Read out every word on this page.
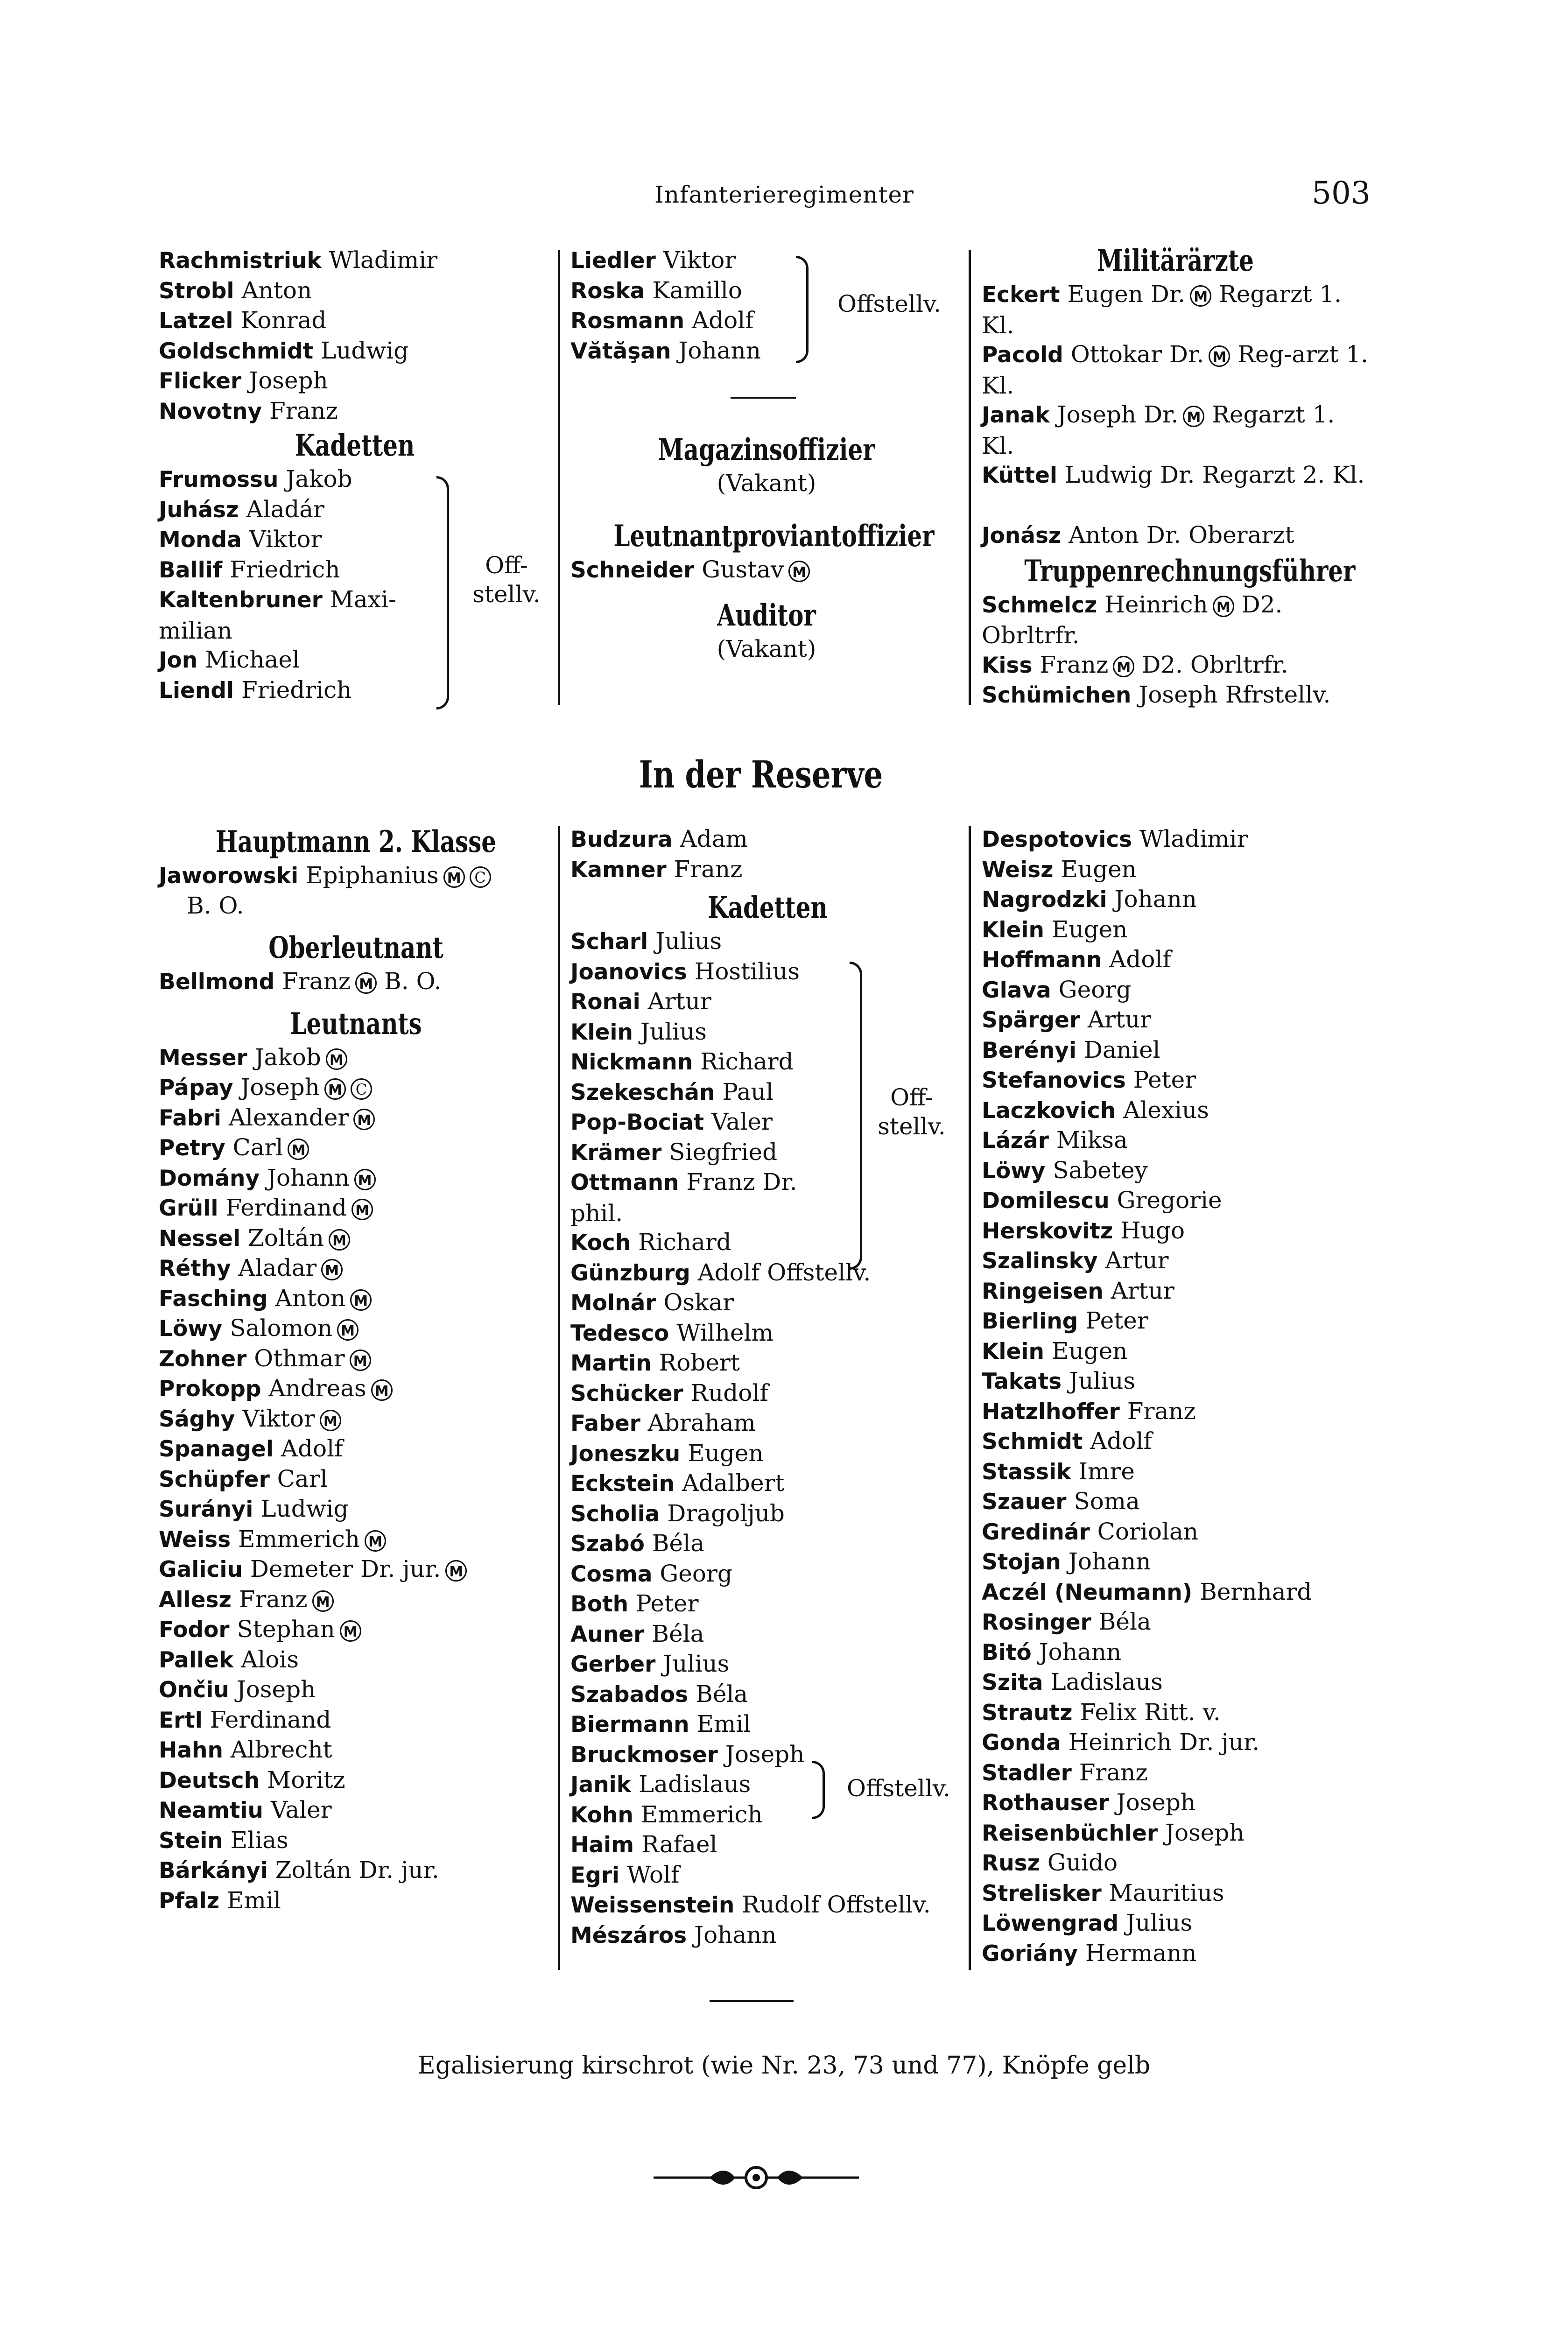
Infanterieregimenter	503
Rachmistriuk Wladimir
Strobl Anton
Latzel Konrad
Goldschmidt Ludwig
Flicker Joseph
Novotny Franz
Kadetten
Frumossu Jakob
Juhász Aladár
Monda Viktor
Ballif Friedrich
Kaltenbruner Maxi-milian
Jon Michael
Liendl Friedrich
Off-stellv.
Liedler Viktor
Roska Kamillo
Rosmann Adolf
Vătăşan Johann
Offstellv.
Magazinsoffizier
(Vakant)
Leutnantproviantoffizier
Schneider Gustav M
Auditor
(Vakant)
Militärärzte
Eckert Eugen Dr. M Regarzt 1. Kl.
Pacold Ottokar Dr. M Reg-arzt 1. Kl.
Janak Joseph Dr. M Regarzt 1. Kl.
Küttel Ludwig Dr. Regarzt 2. Kl.
Jonász Anton Dr. Oberarzt
Truppenrechnungsführer
Schmelcz Heinrich M D2. Obrltrfr.
Kiss Franz M D2. Obrltrfr.
Schümichen Joseph Rfrstellv.
In der Reserve
Hauptmann 2. Klasse
Jaworowski Epiphanius M C
B. O.
Oberleutnant
Bellmond Franz M B. O.
Leutnants
Messer Jakob M
Pápay Joseph M C
Fabri Alexander M
Petry Carl M
Domány Johann M
Grüll Ferdinand M
Nessel Zoltán M
Réthy Aladar M
Fasching Anton M
Löwy Salomon M
Zohner Othmar M
Prokopp Andreas M
Sághy Viktor M
Spanagel Adolf
Schüpfer Carl
Surányi Ludwig
Weiss Emmerich M
Galiciu Demeter Dr. jur. M
Allesz Franz M
Fodor Stephan M
Pallek Alois
Ončiu Joseph
Ertl Ferdinand
Hahn Albrecht
Deutsch Moritz
Neamtiu Valer
Stein Elias
Bárkányi Zoltán Dr. jur.
Pfalz Emil
Budzura Adam
Kamner Franz
Kadetten
Scharl Julius
Joanovics Hostilius
Ronai Artur
Klein Julius
Nickmann Richard
Szekeschán Paul
Pop-Bociat Valer
Krämer Siegfried
Ottmann Franz Dr. phil.
Koch Richard
Günzburg Adolf Offstellv.
Molnár Oskar
Tedesco Wilhelm
Martin Robert
Schücker Rudolf
Faber Abraham
Joneszku Eugen
Eckstein Adalbert
Scholia Dragoljub
Szabó Béla
Cosma Georg
Both Peter
Auner Béla
Gerber Julius
Szabados Béla
Biermann Emil
Bruckmoser Joseph
Janik Ladislaus
Kohn Emmerich
Haim Rafael
Egri Wolf
Weissenstein Rudolf Offstellv.
Mészáros Johann
Off-stellv.
Offstellv.
Despotovics Wladimir
Weisz Eugen
Nagrodzki Johann
Klein Eugen
Hoffmann Adolf
Glava Georg
Spärger Artur
Berényi Daniel
Stefanovics Peter
Laczkovich Alexius
Lázár Miksa
Löwy Sabetey
Domilescu Gregorie
Herskovitz Hugo
Szalinsky Artur
Ringeisen Artur
Bierling Peter
Klein Eugen
Takats Julius
Hatzlhoffer Franz
Schmidt Adolf
Stassik Imre
Szauer Soma
Gredinár Coriolan
Stojan Johann
Aczél (Neumann) Bernhard
Rosinger Béla
Bitó Johann
Szita Ladislaus
Strautz Felix Ritt. v.
Gonda Heinrich Dr. jur.
Stadler Franz
Rothauser Joseph
Reisenbüchler Joseph
Rusz Guido
Strelisker Mauritius
Löwengrad Julius
Goriány Hermann
Egalisierung kirschrot (wie Nr. 23, 73 und 77), Knöpfe gelb
